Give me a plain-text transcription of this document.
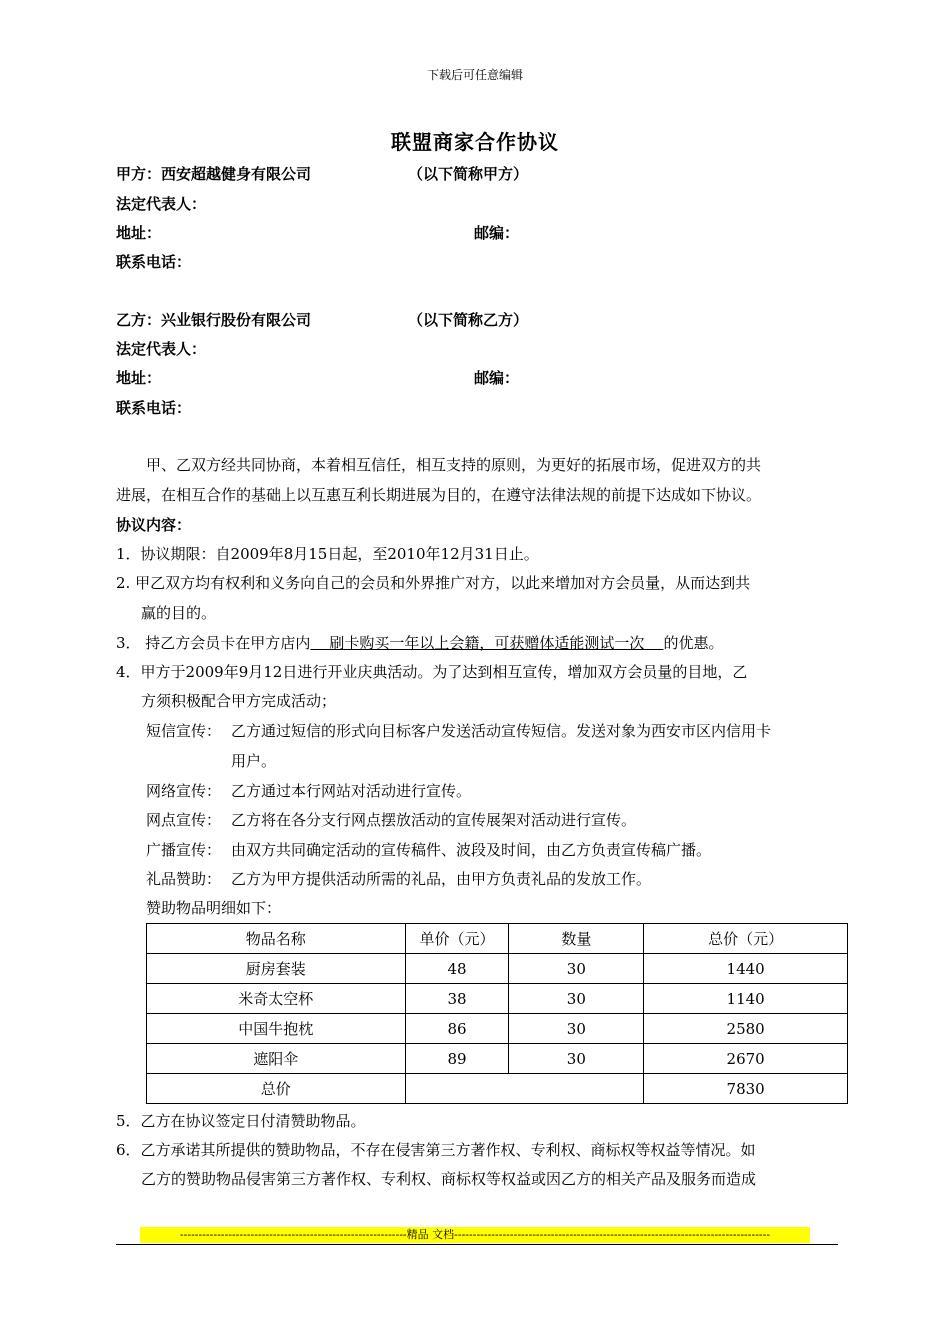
下载后可任意编辑
联盟商家合作协议
甲方：西安超越健身有限公司	（以下简称甲方）
法定代表人：
地址：	邮编：
联系电话：
乙方：兴业银行股份有限公司	（以下简称乙方）
法定代表人：
地址：	邮编：
联系电话：
甲、乙双方经共同协商，本着相互信任，相互支持的原则，为更好的拓展市场，促进双方的共
进展，在相互合作的基础上以互惠互利长期进展为目的，在遵守法律法规的前提下达成如下协议。
协议内容：
1．协议期限：自2009年8月15日起，至2010年12月31日止。
2. 甲乙双方均有权利和义务向自己的会员和外界推广对方，以此来增加对方会员量，从而达到共
赢的目的。
3． 持乙方会员卡在甲方店内    刷卡购买一年以上会籍，可获赠体适能测试一次    的优惠。
4．甲方于2009年9月12日进行开业庆典活动。为了达到相互宣传，增加双方会员量的目地，乙
方须积极配合甲方完成活动；
短信宣传： 乙方通过短信的形式向目标客户发送活动宣传短信。发送对象为西安市区内信用卡
用户。
网络宣传： 乙方通过本行网站对活动进行宣传。
网点宣传： 乙方将在各分支行网点摆放活动的宣传展架对活动进行宣传。
广播宣传： 由双方共同确定活动的宣传稿件、波段及时间，由乙方负责宣传稿广播。
礼品赞助： 乙方为甲方提供活动所需的礼品，由甲方负责礼品的发放工作。
赞助物品明细如下：
物品名称	单价（元）	数量	总价（元）
厨房套装	48	30	1440
米奇太空杯	38	30	1140
中国牛抱枕	86	30	2580
遮阳伞	89	30	2670
总价			7830
5．乙方在协议签定日付清赞助物品。
6．乙方承诺其所提供的赞助物品，不存在侵害第三方著作权、专利权、商标权等权益等情况。如
乙方的赞助物品侵害第三方著作权、专利权、商标权等权益或因乙方的相关产品及服务而造成
-------------------------------------------------------------精品 文档-------------------------------------------------------------------------------------
